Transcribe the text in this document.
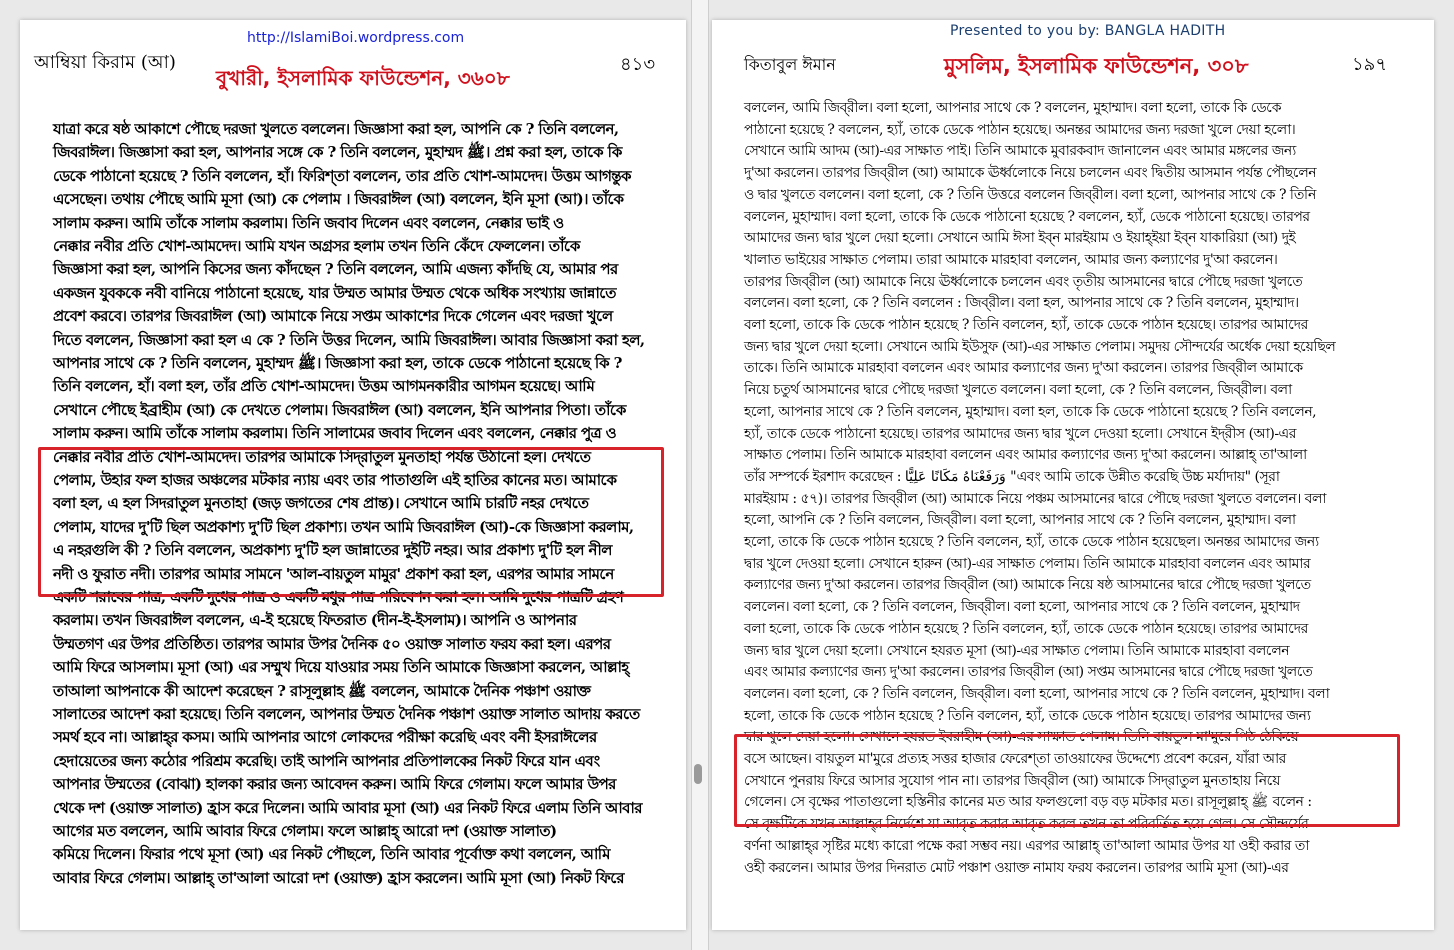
http://IslamiBoi.wordpress.com
আম্বিয়া কিরাম (আ)	৪১৩
বুখারী, ইসলামিক ফাউন্ডেশন, ৩৬০৮
যাত্রা করে ষষ্ঠ আকাশে পৌছে দরজা খুলতে বললেন। জিজ্ঞাসা করা হল, আপনি কে ? তিনি বললেন,
জিবরাঈল। জিজ্ঞাসা করা হল, আপনার সঙ্গে কে ? তিনি বললেন, মুহাম্মদ ﷺ। প্রশ্ন করা হল, তাকে কি
ডেকে পাঠানো হয়েছে ? তিনি বললেন, হাঁ। ফিরিশ্‌তা বললেন, তার প্রতি খোশ-আমদেদ। উত্তম আগন্তুক
এসেছেন। তথায় পৌছে আমি মূসা (আ) কে পেলাম । জিবরাঈল (আ) বললেন, ইনি মূসা (আ)। তাঁকে
সালাম করুন। আমি তাঁকে সালাম করলাম। তিনি জবাব দিলেন এবং বললেন, নেক্কার ভাই ও
নেক্কার নবীর প্রতি খোশ-আমদেদ। আমি যখন অগ্রসর হলাম তখন তিনি কেঁদে ফেললেন। তাঁকে
জিজ্ঞাসা করা হল, আপনি কিসের জন্য কাঁদছেন ? তিনি বললেন, আমি এজন্য কাঁদছি যে, আমার পর
একজন যুবককে নবী বানিয়ে পাঠানো হয়েছে, যার উম্মত আমার উম্মত থেকে অধিক সংখ্যায় জান্নাতে
প্রবেশ করবে। তারপর জিবরাঈল (আ) আমাকে নিয়ে সপ্তম আকাশের দিকে গেলেন এবং দরজা খুলে
দিতে বললেন, জিজ্ঞাসা করা হল এ কে ? তিনি উত্তর দিলেন, আমি জিবরাঈল। আবার জিজ্ঞাসা করা হল,
আপনার সাথে কে ? তিনি বললেন, মুহাম্মদ ﷺ। জিজ্ঞাসা করা হল, তাকে ডেকে পাঠানো হয়েছে কি ?
তিনি বললেন, হাঁ। বলা হল, তাঁর প্রতি খোশ-আমদেদ। উত্তম আগমনকারীর আগমন হয়েছে। আমি
সেখানে পৌছে ইব্রাহীম (আ) কে দেখতে পেলাম। জিবরাঈল (আ) বললেন, ইনি আপনার পিতা। তাঁকে
সালাম করুন। আমি তাঁকে সালাম করলাম। তিনি সালামের জবাব দিলেন এবং বললেন, নেক্কার পুত্র ও
নেক্কার নবীর প্রতি খোশ-আমদেদ। তারপর আমাকে সিদ্‌রাতুল মুনতাহা পর্যন্ত উঠানো হল। দেখতে
পেলাম, উহার ফল হাজর অঞ্চলের মটকার ন্যায় এবং তার পাতাগুলি এই হাতির কানের মত। আমাকে
বলা হল, এ হল সিদরাতুল মুনতাহা (জড় জগতের শেষ প্রান্ত)। সেখানে আমি চারটি নহর দেখতে
পেলাম, যাদের দু'টি ছিল অপ্রকাশ্য দু'টি ছিল প্রকাশ্য। তখন আমি জিবরাঈল (আ)-কে জিজ্ঞাসা করলাম,
এ নহরগুলি কী ? তিনি বললেন, অপ্রকাশ্য দু'টি হল জান্নাতের দুইটি নহর। আর প্রকাশ্য দু'টি হল নীল
নদী ও ফুরাত নদী। তারপর আমার সামনে 'আল-বায়তুল মামুর' প্রকাশ করা হল, এরপর আমার সামনে
একটি শরাবের পাত্র, একটি দুধের পাত্র ও একটি মধুর পাত্র পরিবেশন করা হল। আমি দুধের পাত্রটি গ্রহণ
করলাম। তখন জিবরাঈল বললেন, এ-ই হয়েছে ফিতরাত (দীন-ই-ইসলাম)। আপনি ও আপনার
উম্মতগণ এর উপর প্রতিষ্ঠিত। তারপর আমার উপর দৈনিক ৫০ ওয়াক্ত সালাত ফরয করা হল। এরপর
আমি ফিরে আসলাম। মূসা (আ) এর সম্মুখ দিয়ে যাওয়ার সময় তিনি আমাকে জিজ্ঞাসা করলেন, আল্লাহ্
তাআলা আপনাকে কী আদেশ করেছেন ? রাসূলুল্লাহ ﷺ বললেন, আমাকে দৈনিক পঞ্চাশ ওয়াক্ত
সালাতের আদেশ করা হয়েছে। তিনি বললেন, আপনার উম্মত দৈনিক পঞ্চাশ ওয়াক্ত সালাত আদায় করতে
সমর্থ হবে না। আল্লাহ্‌র কসম। আমি আপনার আগে লোকদের পরীক্ষা করেছি এবং বনী ইসরাঈলের
হেদায়েতের জন্য কঠোর পরিশ্রম করেছি। তাই আপনি আপনার প্রতিপালকের নিকট ফিরে যান এবং
আপনার উম্মতের (বোঝা) হালকা করার জন্য আবেদন করুন। আমি ফিরে গেলাম। ফলে আমার উপর
থেকে দশ (ওয়াক্ত সালাত) হ্রাস করে দিলেন। আমি আবার মূসা (আ) এর নিকট ফিরে এলাম তিনি আবার
আগের মত বললেন, আমি আবার ফিরে গেলাম। ফলে আল্লাহ্ আরো দশ (ওয়াক্ত সালাত)
কমিয়ে দিলেন। ফিরার পথে মূসা (আ) এর নিকট পৌছলে, তিনি আবার পূর্বোক্ত কথা বললেন, আমি
আবার ফিরে গেলাম। আল্লাহ্ তা'আলা আরো দশ (ওয়াক্ত) হ্রাস করলেন। আমি মূসা (আ) নিকট ফিরে
Presented to you by: BANGLA HADITH
কিতাবুল ঈমান	১৯৭
মুসলিম, ইসলামিক ফাউন্ডেশন, ৩০৮
বললেন, আমি জিব্‌রীল। বলা হলো, আপনার সাথে কে ? বললেন, মুহাম্মাদ। বলা হলো, তাকে কি ডেকে
পাঠানো হয়েছে ? বললেন, হ্যাঁ, তাকে ডেকে পাঠান হয়েছে। অনন্তর আমাদের জন্য দরজা খুলে দেয়া হলো।
সেখানে আমি আদম (আ)-এর সাক্ষাত পাই। তিনি আমাকে মুবারকবাদ জানালেন এবং আমার মঙ্গলের জন্য
দু'আ করলেন। তারপর জিব্‌রীল (আ) আমাকে ঊর্ধ্বলোকে নিয়ে চললেন এবং দ্বিতীয় আসমান পর্যন্ত পৌছলেন
ও দ্বার খুলতে বললেন। বলা হলো, কে ? তিনি উত্তরে বললেন জিব্‌রীল। বলা হলো, আপনার সাথে কে ? তিনি
বললেন, মুহাম্মাদ। বলা হলো, তাকে কি ডেকে পাঠানো হয়েছে ? বললেন, হ্যাঁ, ডেকে পাঠানো হয়েছে। তারপর
আমাদের জন্য দ্বার খুলে দেয়া হলো। সেখানে আমি ঈসা ইব্‌ন মারইয়াম ও ইয়াহ্‌ইয়া ইব্‌ন যাকারিয়া (আ) দুই
খালাত ভাইয়ের সাক্ষাত পেলাম। তারা আমাকে মারহাবা বললেন, আমার জন্য কল্যাণের দু'আ করলেন।
তারপর জিব্‌রীল (আ) আমাকে নিয়ে ঊর্ধ্বলোকে চললেন এবং তৃতীয় আসমানের দ্বারে পৌছে দরজা খুলতে
বললেন। বলা হলো, কে ? তিনি বললেন : জিব্‌রীল। বলা হল, আপনার সাথে কে ? তিনি বললেন, মুহাম্মাদ।
বলা হলো, তাকে কি ডেকে পাঠান হয়েছে ? তিনি বললেন, হ্যাঁ, তাকে ডেকে পাঠান হয়েছে। তারপর আমাদের
জন্য দ্বার খুলে দেয়া হলো। সেখানে আমি ইউসুফ (আ)-এর সাক্ষাত পেলাম। সমুদয় সৌন্দর্যের অর্ধেক দেয়া হয়েছিল
তাকে। তিনি আমাকে মারহাবা বললেন এবং আমার কল্যাণের জন্য দু'আ করলেন। তারপর জিব্‌রীল আমাকে
নিয়ে চতুর্থ আসমানের দ্বারে পৌছে দরজা খুলতে বললেন। বলা হলো, কে ? তিনি বললেন, জিব্‌রীল। বলা
হলো, আপনার সাথে কে ? তিনি বললেন, মুহাম্মাদ। বলা হল, তাকে কি ডেকে পাঠানো হয়েছে ? তিনি বললেন,
হ্যাঁ, তাকে ডেকে পাঠানো হয়েছে। তারপর আমাদের জন্য দ্বার খুলে দেওয়া হলো। সেখানে ইদ্‌রীস (আ)-এর
সাক্ষাত পেলাম। তিনি আমাকে মারহাবা বললেন এবং আমার কল্যাণের জন্য দু'আ করলেন। আল্লাহ্ তা'আলা
তাঁর সম্পর্কে ইরশাদ করেছেন : وَرَفَعْنَاهُ مَكَانًا عَلِيًّا "এবং আমি তাকে উন্নীত করেছি উচ্চ মর্যাদায়" (সূরা
মারইয়াম : ৫৭)। তারপর জিব্‌রীল (আ) আমাকে নিয়ে পঞ্চম আসমানের দ্বারে পৌছে দরজা খুলতে বললেন। বলা
হলো, আপনি কে ? তিনি বললেন, জিব্‌রীল। বলা হলো, আপনার সাথে কে ? তিনি বললেন, মুহাম্মাদ। বলা
হলো, তাকে কি ডেকে পাঠান হয়েছে ? তিনি বললেন, হ্যাঁ, তাকে ডেকে পাঠান হয়েছেল। অনন্তর আমাদের জন্য
দ্বার খুলে দেওয়া হলো। সেখানে হারুন (আ)-এর সাক্ষাত পেলাম। তিনি আমাকে মারহাবা বললেন এবং আমার
কল্যাণের জন্য দু'আ করলেন। তারপর জিব্‌রীল (আ) আমাকে নিয়ে ষষ্ঠ আসমানের দ্বারে পৌছে দরজা খুলতে
বললেন। বলা হলো, কে ? তিনি বললেন, জিব্‌রীল। বলা হলো, আপনার সাথে কে ? তিনি বললেন, মুহাম্মাদ
বলা হলো, তাকে কি ডেকে পাঠান হয়েছে ? তিনি বললেন, হ্যাঁ, তাকে ডেকে পাঠান হয়েছে। তারপর আমাদের
জন্য দ্বার খুলে দেয়া হলো। সেখানে হযরত মূসা (আ)-এর সাক্ষাত পেলাম। তিনি আমাকে মারহাবা বললেন
এবং আমার কল্যাণের জন্য দু'আ করলেন। তারপর জিব্‌রীল (আ) সপ্তম আসমানের দ্বারে পৌছে দরজা খুলতে
বললেন। বলা হলো, কে ? তিনি বললেন, জিব্‌রীল। বলা হলো, আপনার সাথে কে ? তিনি বললেন, মুহাম্মাদ। বলা
হলো, তাকে কি ডেকে পাঠান হয়েছে ? তিনি বললেন, হ্যাঁ, তাকে ডেকে পাঠান হয়েছে। তারপর আমাদের জন্য
দ্বার খুলে দেয়া হলো। সেখানে হযরত ইবরাহীম (আ)-এর সাক্ষাত পেলাম। তিনি বায়তুল মা'মুরে পিঠ ঠেকিয়ে
বসে আছেন। বায়তুল মা'মুরে প্রত্যহ সত্তর হাজার ফেরেশ্‌তা তাওয়াফের উদ্দেশ্যে প্রবেশ করেন, যাঁরা আর
সেখানে পুনরায় ফিরে আসার সুযোগ পান না। তারপর জিব্‌রীল (আ) আমাকে সিদ্‌রাতুল মুনতাহায় নিয়ে
গেলেন। সে বৃক্ষের পাতাগুলো হস্তিনীর কানের মত আর ফলগুলো বড় বড় মটকার মত। রাসূলুল্লাহ্ ﷺ বলেন :
সে বৃক্ষটিকে যখন আল্লাহ্‌র নির্দেশে যা আবৃত করার আবৃত করল তখন তা পরিবর্তিত হয়ে গেল। সে সৌন্দর্যের
বর্ণনা আল্লাহ্‌র সৃষ্টির মধ্যে কারো পক্ষে করা সম্ভব নয়। এরপর আল্লাহ্ তা'আলা আমার উপর যা ওহী করার তা
ওহী করলেন। আমার উপর দিনরাত মোট পঞ্চাশ ওয়াক্ত নামায ফরয করলেন। তারপর আমি মূসা (আ)-এর
